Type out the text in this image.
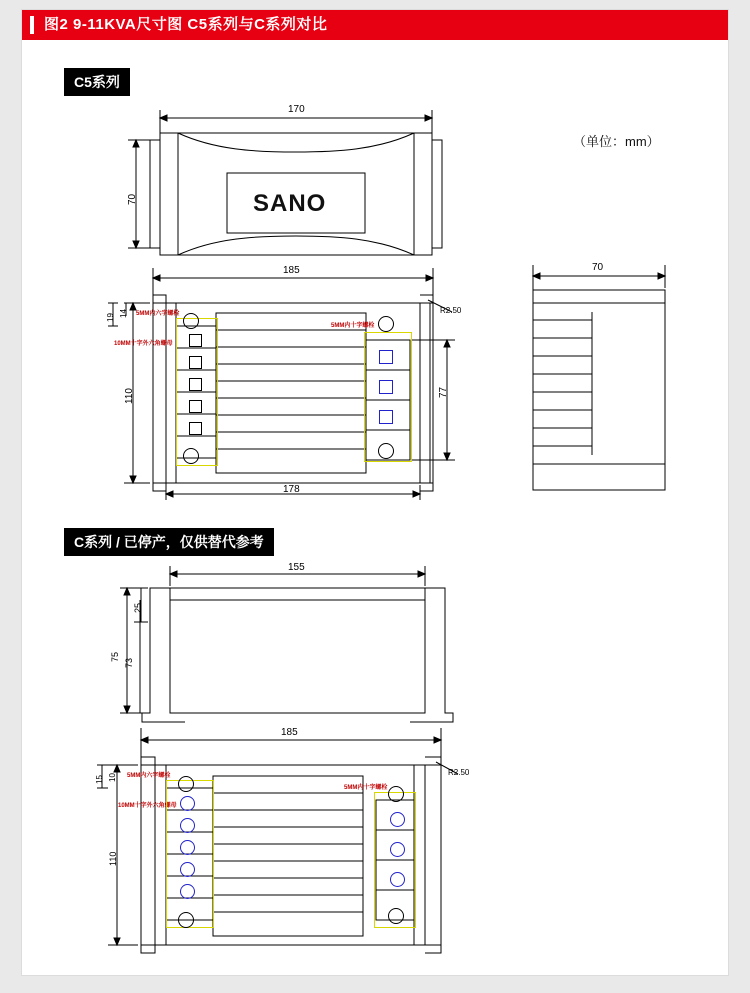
图2 9-11KVA尺寸图 C5系列与C系列对比
C5系列
（单位：mm）
SANO
170
70
185
178
110	77
19 14	R2.50
5MM内六字螺栓
10MM十字外六角螺母
5MM内十字螺栓
70
C系列 / 已停产，仅供替代参考
155
25
75
73
185
110
15 10
R2.50
5MM内六字螺栓
10MM十字外六角螺母
5MM内十字螺栓
